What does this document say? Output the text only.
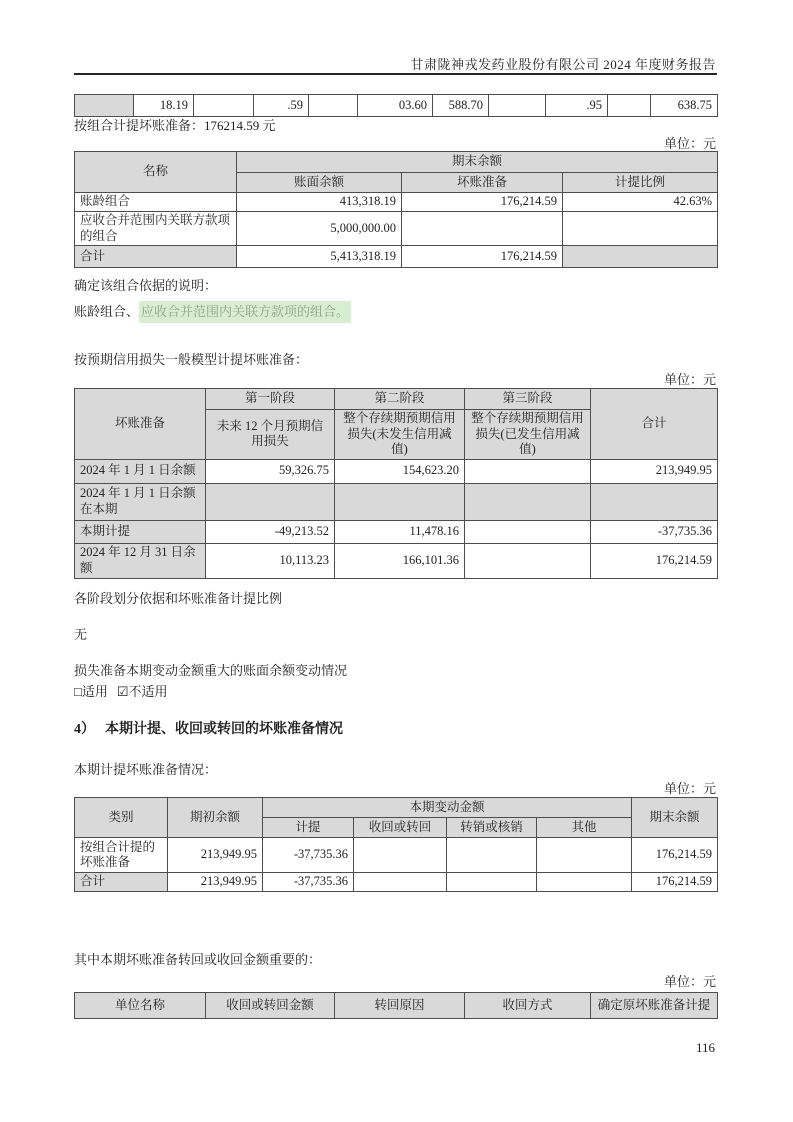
甘肃陇神戎发药业股份有限公司 2024 年度财务报告
	18.19		.59		03.60	588.70		.95		638.75
按组合计提坏账准备：176214.59 元
单位：元
名称	期末余额		
	账面余额	坏账准备	计提比例
账龄组合	413,318.19	176,214.59	42.63%
应收合并范围内关联方款项的组合	5,000,000.00		
合计	5,413,318.19	176,214.59	
确定该组合依据的说明：
账龄组合、 应收合并范围内关联方款项的组合。
按预期信用损失一般模型计提坏账准备：
单位：元
坏账准备	第一阶段	第二阶段	第三阶段	合计
	未来 12 个月预期信用损失	整个存续期预期信用损失(未发生信用减值)	整个存续期预期信用损失(已发生信用减值)	
2024 年 1 月 1 日余额	59,326.75	154,623.20		213,949.95
2024 年 1 月 1 日余额在本期				
本期计提	-49,213.52	11,478.16		-37,735.36
2024 年 12 月 31 日余额	10,113.23	166,101.36		176,214.59
各阶段划分依据和坏账准备计提比例
无
损失准备本期变动金额重大的账面余额变动情况
□适用 ☑不适用
4） 本期计提、收回或转回的坏账准备情况
本期计提坏账准备情况：
单位：元
类别	期初余额	本期变动金额				期末余额
		计提	收回或转回	转销或核销	其他	
按组合计提的坏账准备	213,949.95	-37,735.36				176,214.59
合计	213,949.95	-37,735.36				176,214.59
其中本期坏账准备转回或收回金额重要的：
单位：元
单位名称	收回或转回金额	转回原因	收回方式	确定原坏账准备计提
116
